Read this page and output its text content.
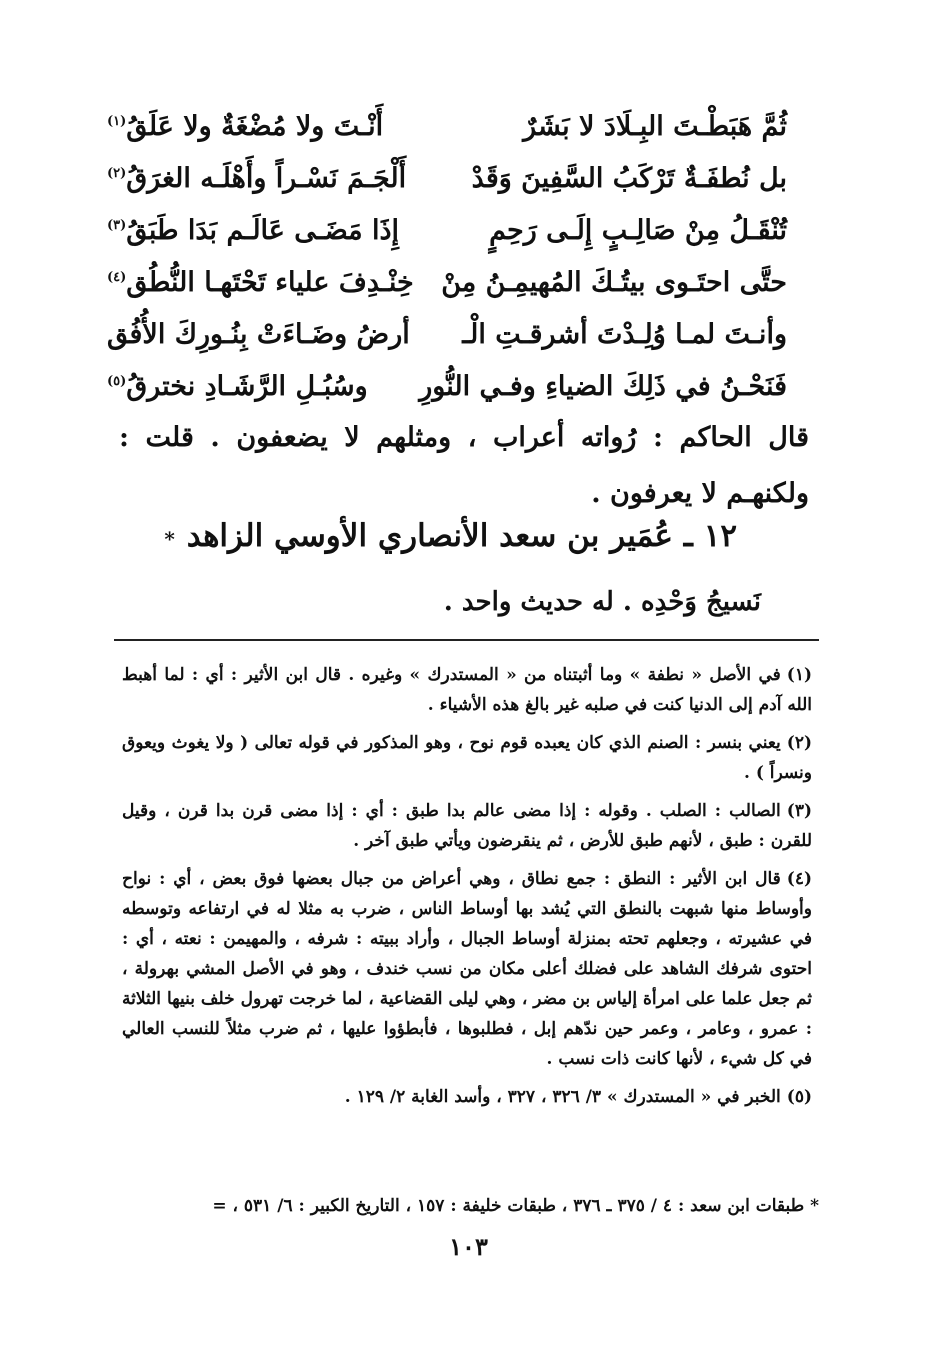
ثُمَّ هَبَطْـتَ البِـلَادَ لا بَشَرٌ
أَنْـتَ ولا مُضْغَةٌ ولا عَلَقُ$^{(١)}$
بل نُطفَـةٌ تَرْكَبُ السَّفِينَ وَقَدْ
أَلْجَـمَ نَسْـراً وأَهْلَـه الغرَقُ$^{(٢)}$
تُنْقَـلُ مِنْ صَالِـبٍ إِلَـى رَحِمٍ
إِذَا مَضَـى عَالَـم بَدَا طَبَقُ$^{(٣)}$
حتَّى احتَـوى بيتُـكَ المُهيمِـنُ مِنْ
خِنْـدِفَ علياء تَحْتَهـا النُّطُق$^{(٤)}$
وأنـتَ لمـا وُلِـدْتَ أشرقـتِ الْـ
أرضُ وضَـاءَتْ بِنُـورِكَ الأُفُق
فَنَحْـنُ في ذَلِكَ الضياءِ وفـي النُّورِ
وسُبُـلِ الرَّشَـادِ نخترقُ$^{(٥)}$
قال الحاكم : رُواته أعراب ، ومثلهم لا يضعفون . قلت : ولكنهـم لا يعرفون .
١٢ ـ عُمَير بن سعد الأنصاري الأوسي الزاهد*
نَسيجُ وَحْدِه . له حديث واحد .
(١)في الأصل « نطفة » وما أثبتناه من « المستدرك » وغيره . قال ابن الأثير : أي : لما أهبط الله آدم إلى الدنيا كنت في صلبه غير بالغ هذه الأشياء .
(٢)يعني بنسر : الصنم الذي كان يعبده قوم نوح ، وهو المذكور في قوله تعالى ( ولا يغوث ويعوق ونسراً ) .
(٣)الصالب : الصلب . وقوله : إذا مضى عالم بدا طبق : أي : إذا مضى قرن بدا قرن ، وقيل للقرن : طبق ، لأنهم طبق للأرض ، ثم ينقرضون ويأتي طبق آخر .
(٤)قال ابن الأثير : النطق : جمع نطاق ، وهي أعراض من جبال بعضها فوق بعض ، أي : نواح وأوساط منها شبهت بالنطق التي يُشد بها أوساط الناس ، ضرب به مثلا له في ارتفاعه وتوسطه في عشيرته ، وجعلهم تحته بمنزلة أوساط الجبال ، وأراد ببيته : شرفه ، والمهيمن : نعته ، أي : احتوى شرفك الشاهد على فضلك أعلى مكان من نسب خندف ، وهو في الأصل المشي بهرولة ، ثم جعل علما على امرأة إلياس بن مضر ، وهي ليلى القضاعية ، لما خرجت تهرول خلف بنيها الثلاثة : عمرو ، وعامر ، وعمر حين ندّهم إبل ، فطلبوها ، فأبطؤوا عليها ، ثم ضرب مثلاً للنسب العالي في كل شيء ، لأنها كانت ذات نسب .
(٥)الخبر في « المستدرك » ٣/ ٣٢٦ ، ٣٢٧ ، وأسد الغابة ٢/ ١٢٩ .
* طبقات ابن سعد : ٤ / ٣٧٥ ـ ٣٧٦ ، طبقات خليفة : ١٥٧ ، التاريخ الكبير : ٦/ ٥٣١ ، =
١٠٣
